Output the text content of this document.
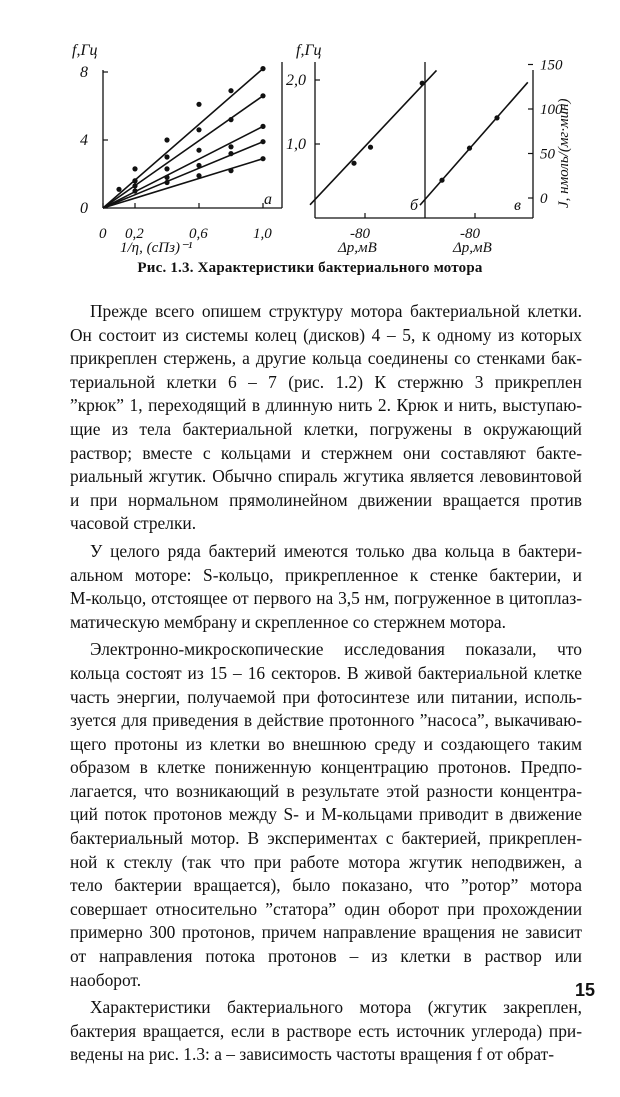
f,Гц
1/η, (сПз)⁻¹
а
0 0,2	0,6	1,0
0
4
8
f,Гц
Δp,мВ	Δp,мВ
б	в J, нмоль/(мг·мин)
1,0
2,0
-80
0
50
100
150
-80
Рис. 1.3. Характеристики бактериального мотора
Прежде всего опишем структуру мотора бактериальной клетки.
Он состоит из системы колец (дисков) 4 – 5, к одному из которых
прикреплен стержень, а другие кольца соединены со стенками бак-
териальной клетки 6 – 7 (рис. 1.2) К стержню 3 прикреплен
”крюк” 1, переходящий в длинную нить 2. Крюк и нить, выступаю-
щие из тела бактериальной клетки, погружены в окружающий
раствор; вместе с кольцами и стержнем они составляют бакте-
риальный жгутик. Обычно спираль жгутика является левовинтовой
и при нормальном прямолинейном движении вращается против
часовой стрелки.
У целого ряда бактерий имеются только два кольца в бактери-
альном моторе: S-кольцо, прикрепленное к стенке бактерии, и
M-кольцо, отстоящее от первого на 3,5 нм, погруженное в цитоплаз-
матическую мембрану и скрепленное со стержнем мотора.
Электронно-микроскопические исследования показали, что
кольца состоят из 15 – 16 секторов. В живой бактериальной клетке
часть энергии, получаемой при фотосинтезе или питании, исполь-
зуется для приведения в действие протонного ”насоса”, выкачиваю-
щего протоны из клетки во внешнюю среду и создающего таким
образом в клетке пониженную концентрацию протонов. Предпо-
лагается, что возникающий в результате этой разности концентра-
ций поток протонов между S- и M-кольцами приводит в движение
бактериальный мотор. В экспериментах с бактерией, прикреплен-
ной к стеклу (так что при работе мотора жгутик неподвижен, а
тело бактерии вращается), было показано, что ”ротор” мотора
совершает относительно ”статора” один оборот при прохождении
примерно 300 протонов, причем направление вращения не зависит
от направления потока протонов – из клетки в раствор или
наоборот.
Характеристики бактериального мотора (жгутик закреплен,
бактерия вращается, если в растворе есть источник углерода) при-
ведены на рис. 1.3: а – зависимость частоты вращения f от обрат-
15
